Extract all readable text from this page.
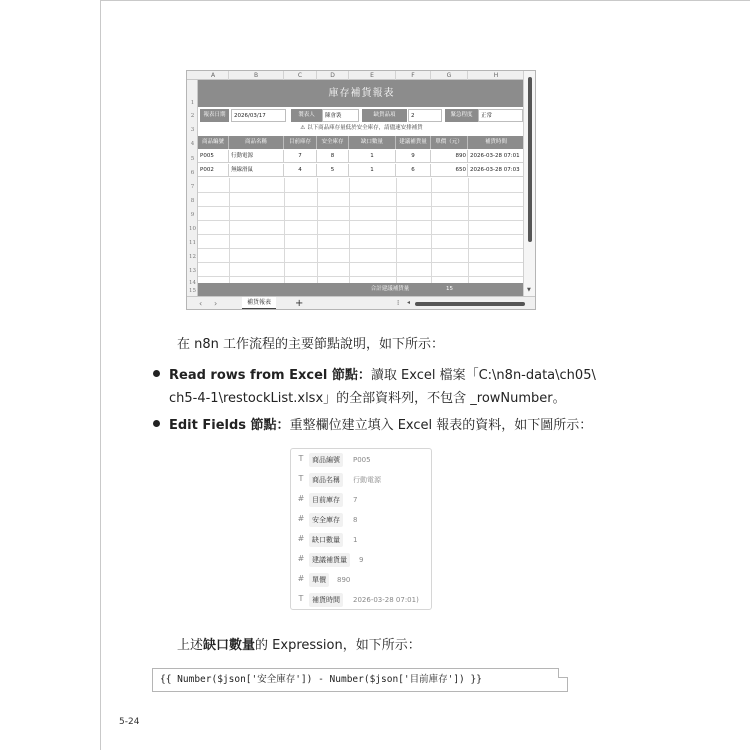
A	B	C	D	E	F	G	H
1
2
3
4
5
6
7
8
9
10
11
12
13
14
15
庫存補貨報表
報表日期	2026/03/17	製表人	陳會裝	缺貨品項	2	緊急程度	正常
⚠ 以下商品庫存量低於安全庫存，請儘速安排補貨
商品編號	商品名稱	目前庫存	安全庫存	缺口數量	建議補貨量	單價（元）	補貨時間
P005	行動電源	7	8	1	9	890 2026-03-28 07:01
P002	無線滑鼠	4	5	1	6	650 2026-03-28 07:03
合計建議補貨量	15	▼
‹ ›	補貨報表	+	⁞ ◂
在 n8n 工作流程的主要節點說明，如下所示：
Read rows from Excel 節點：讀取 Excel 檔案「C:\n8n-data\ch05\
ch5-4-1\restockList.xlsx」的全部資料列，不包含 _rowNumber。
Edit Fields 節點：重整欄位建立填入 Excel 報表的資料，如下圖所示：
T	商品編號	P005
T	商品名稱	行動電源
#	目前庫存	7
#	安全庫存	8
#	缺口數量	1
#	建議補貨量	9
#	單價	890
T	補貨時間	2026-03-28 07:01)
上述缺口數量的 Expression，如下所示：
{{ Number($json['安全庫存']) - Number($json['目前庫存']) }}
5-24
